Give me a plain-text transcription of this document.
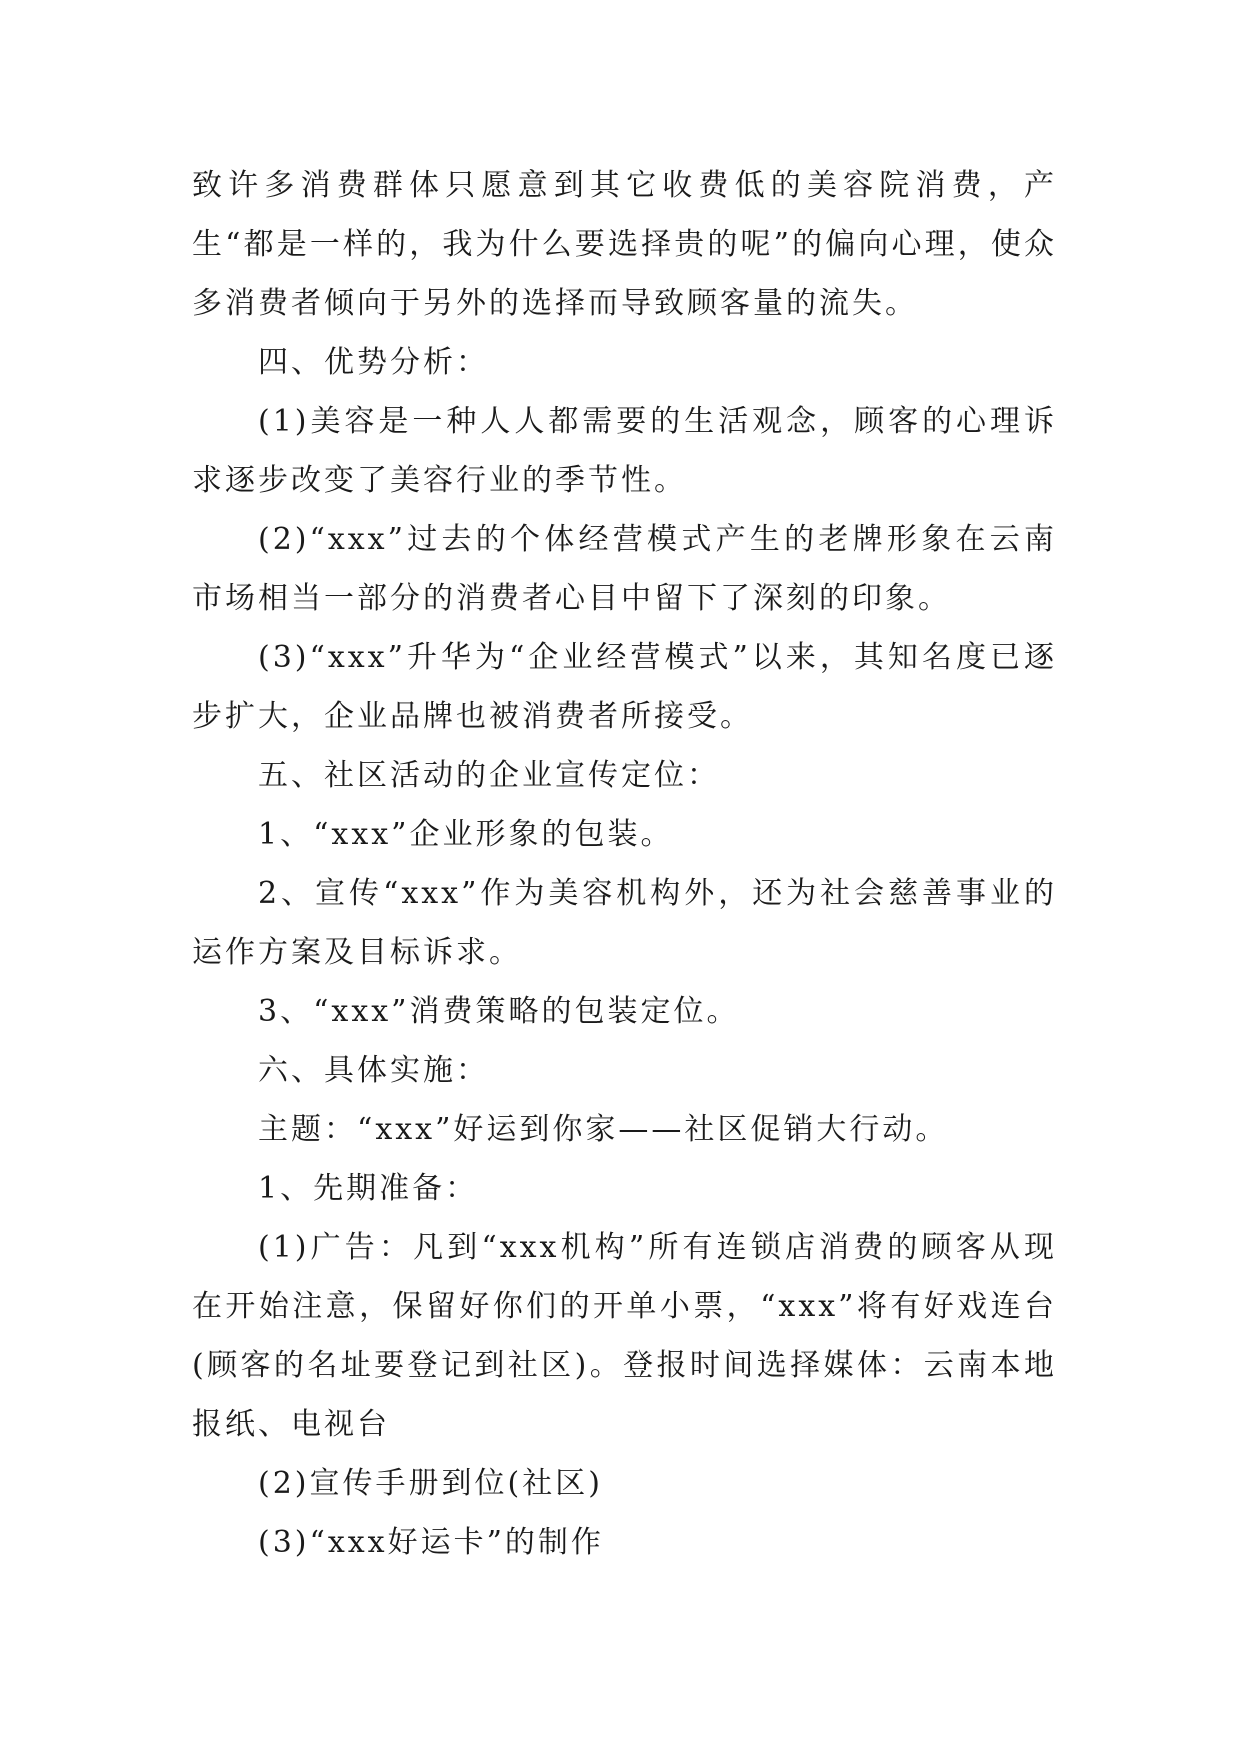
致许多消费群体只愿意到其它收费低的美容院消费，产生“都是一样的，我为什么要选择贵的呢”的偏向心理，使众多消费者倾向于另外的选择而导致顾客量的流失。

四、优势分析：

(1)美容是一种人人都需要的生活观念，顾客的心理诉求逐步改变了美容行业的季节性。

(2)“xxx”过去的个体经营模式产生的老牌形象在云南市场相当一部分的消费者心目中留下了深刻的印象。

(3)“xxx”升华为“企业经营模式”以来，其知名度已逐步扩大，企业品牌也被消费者所接受。

五、社区活动的企业宣传定位：

1、“xxx”企业形象的包装。

2、宣传“xxx”作为美容机构外，还为社会慈善事业的运作方案及目标诉求。

3、“xxx”消费策略的包装定位。

六、具体实施：

主题：“xxx”好运到你家——社区促销大行动。

1、先期准备：

(1)广告：凡到“xxx机构”所有连锁店消费的顾客从现在开始注意，保留好你们的开单小票，“xxx”将有好戏连台(顾客的名址要登记到社区)。登报时间选择媒体：云南本地报纸、电视台

(2)宣传手册到位(社区)

(3)“xxx好运卡”的制作
